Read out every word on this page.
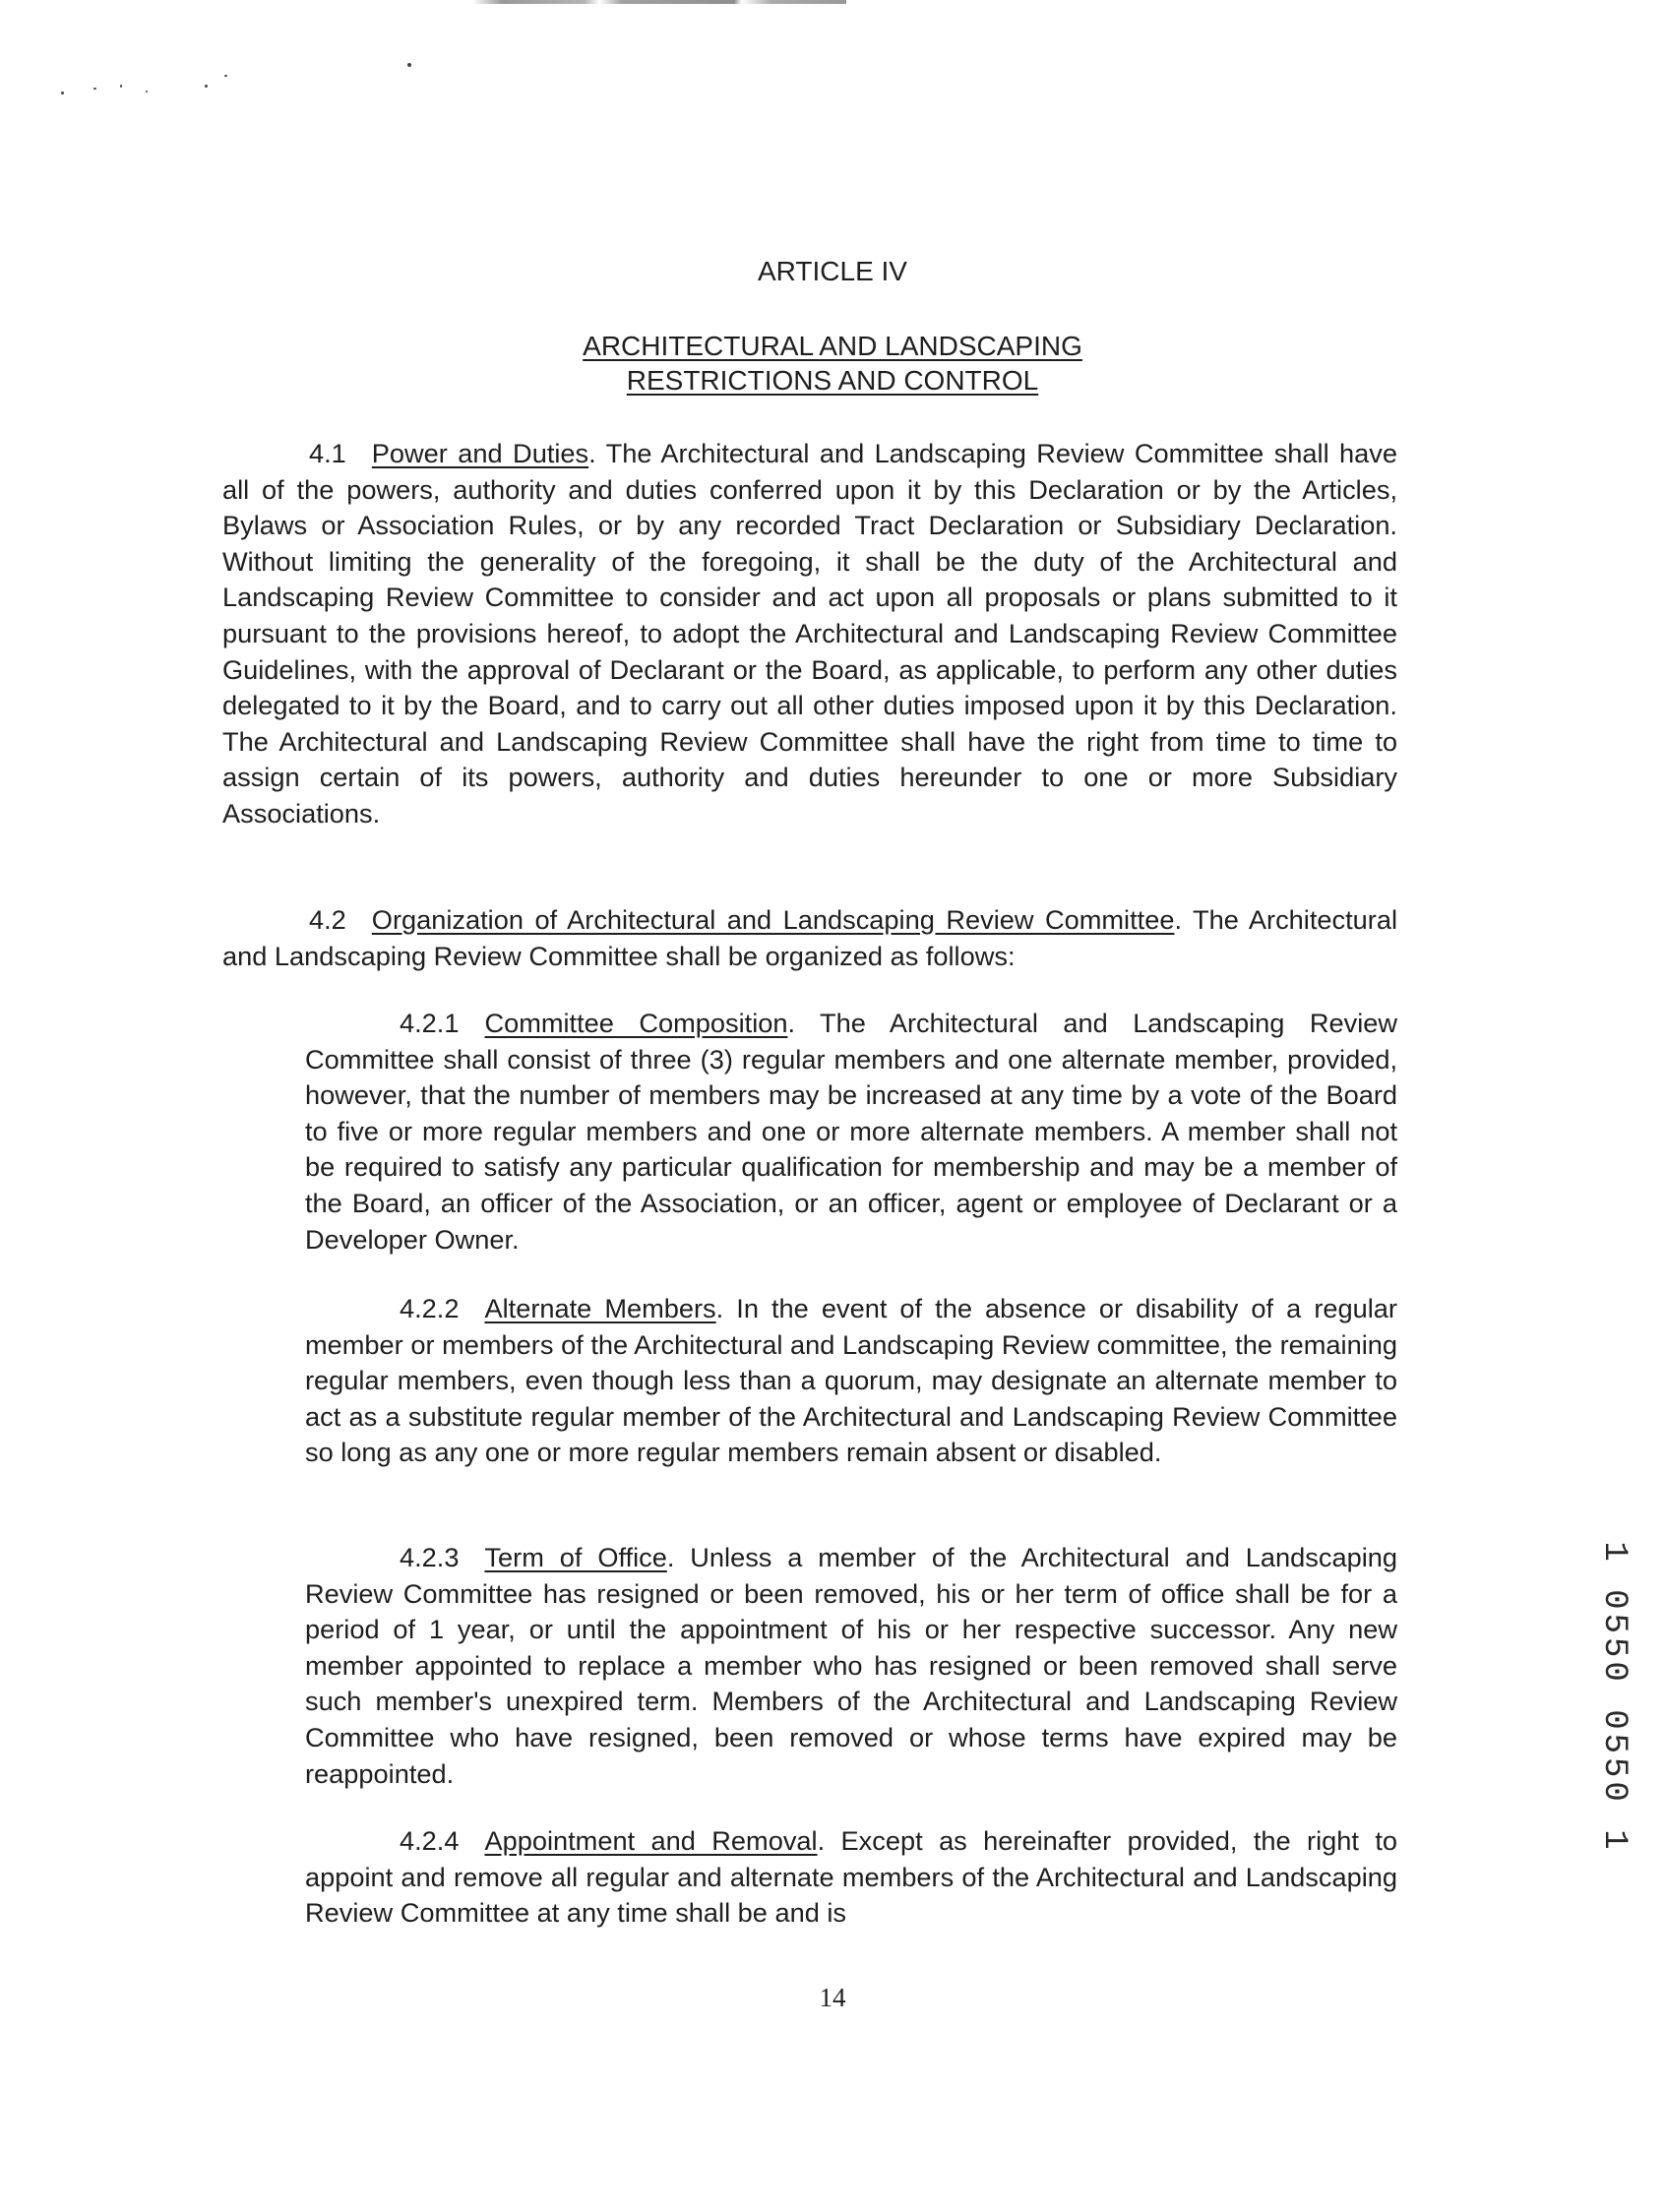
ARTICLE IV
ARCHITECTURAL AND LANDSCAPING
RESTRICTIONS AND CONTROL

4.1 Power and Duties. The Architectural and Landscaping Review Committee shall have all of the powers, authority and duties conferred upon it by this Declaration or by the Articles, Bylaws or Association Rules, or by any recorded Tract Declaration or Subsidiary Declaration. Without limiting the generality of the foregoing, it shall be the duty of the Architectural and Landscaping Review Committee to consider and act upon all proposals or plans submitted to it pursuant to the provisions hereof, to adopt the Architectural and Landscaping Review Committee Guidelines, with the approval of Declarant or the Board, as applicable, to perform any other duties delegated to it by the Board, and to carry out all other duties imposed upon it by this Declaration. The Architectural and Landscaping Review Committee shall have the right from time to time to assign certain of its powers, authority and duties hereunder to one or more Subsidiary Associations.

4.2 Organization of Architectural and Landscaping Review Committee. The Architectural and Landscaping Review Committee shall be organized as follows:

4.2.1 Committee Composition. The Architectural and Landscaping Review Committee shall consist of three (3) regular members and one alternate member, provided, however, that the number of members may be increased at any time by a vote of the Board to five or more regular members and one or more alternate members. A member shall not be required to satisfy any particular qualification for membership and may be a member of the Board, an officer of the Association, or an officer, agent or employee of Declarant or a Developer Owner.

4.2.2 Alternate Members. In the event of the absence or disability of a regular member or members of the Architectural and Landscaping Review committee, the remaining regular members, even though less than a quorum, may designate an alternate member to act as a substitute regular member of the Architectural and Landscaping Review Committee so long as any one or more regular members remain absent or disabled.

4.2.3 Term of Office. Unless a member of the Architectural and Landscaping Review Committee has resigned or been removed, his or her term of office shall be for a period of 1 year, or until the appointment of his or her respective successor. Any new member appointed to replace a member who has resigned or been removed shall serve such member's unexpired term. Members of the Architectural and Landscaping Review Committee who have resigned, been removed or whose terms have expired may be reappointed.

4.2.4 Appointment and Removal. Except as hereinafter provided, the right to appoint and remove all regular and alternate members of the Architectural and Landscaping Review Committee at any time shall be and is

14
1 0550 0550 1
